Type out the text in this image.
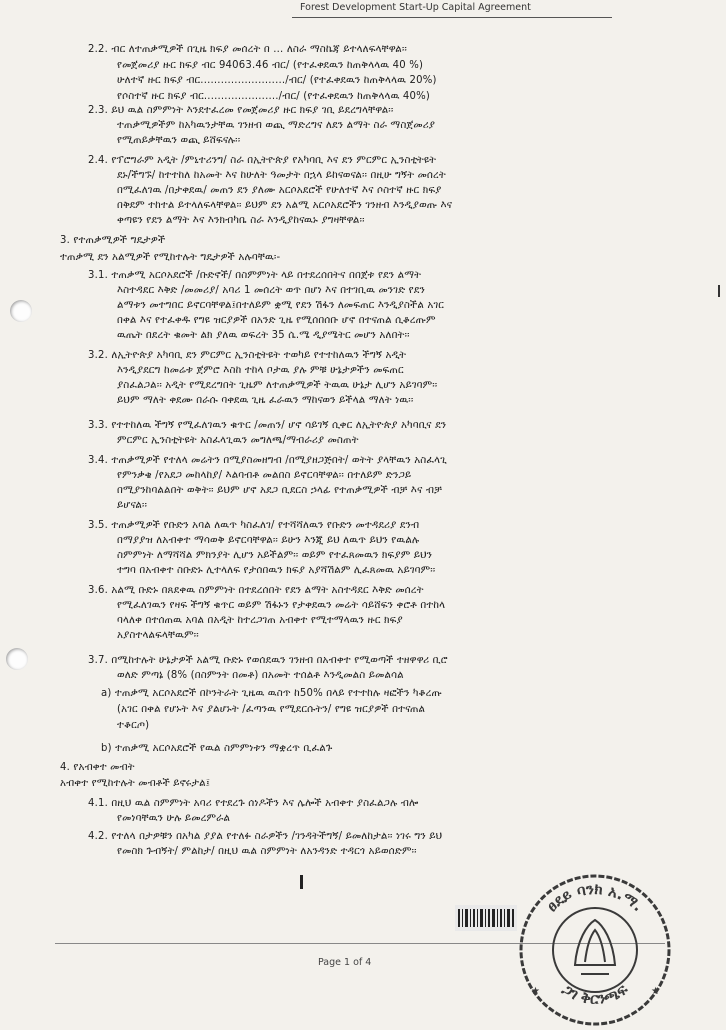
Forest Development Start-Up Capital Agreement
2.2. ብር ለተጠቃሚዎች በጊዜ ክፍያ መሰረት በ ... ለስራ ማስኬጃ ይተላለፍላቸዋል፡፡
የመጀመሪያ ዙር ክፍያ ብር 94063.46 ብር/ (የተፈቀደዉን ከጠቅላላዉ 40 %)
ሁለተኛ ዙር ክፍያ ብር........................./ብር/ (የተፈቀደዉን ከጠቅላላዉ 20%)
የሶስተኛ ዙር ክፍያ ብር....................../ብር/ (የተፈቀደዉን ከጠቅላላዉ 40%)
2.3. ይህ ዉል ስምምነት እንደተፈረመ የመጀመሪያ ዙር ክፍያ ገቢ ይደረግላቸዋል፡፡
ተጠቃሚዎችም ከአካዉንታቸዉ ገንዘብ ወጪ ማድረግና ለደን ልማት ስራ ማስጀመሪያ
የሚጠይቃቸዉን ወጪ ይሸፍናሉ፡፡
2.4. የፕሮግራም አዲት /ምኒተሪንግ/ ስራ በኢትዮጵያ የአካባቢ እና ደን ምርምር ኢንስቲትዩት
ደኑ/ችግኙ/ ከተተከለ ከአመት እና ከሁለት ዓመታት በኋላ ይከናወናል፡፡ በዚሁ ግኝት መሰረት
በሚፈለገዉ /በታቀደዉ/ መጠን ደን ያለሙ አርሶአደሮች የሁለተኛ እና ሶስተኛ ዙር ክፍያ
በቅደም ተከተል ይተላለፍላቸዋል፡፡ ይህም ደን አልሚ አርሶአደሮችን ገንዘብ እንዲያወጡ እና
ቀጣዩን የደን ልማት እና እንክብካቤ ስራ እንዲያከናዉኑ ያግዛቸዋል፡፡
3. የተጠቃሚዎች ግዴታዎች
ተጠቃሚ ደን አልሚዎች የሚከተሉት ግዴታዎች አሉባቸዉ፡-
3.1. ተጠቃሚ አርሶአደሮች /ቡድኖች/ በስምምነት ላይ በተደረሰበትና በበጀቱ የደን ልማት
እስተዳደር እቅድ /መመሪያ/ አባሪ 1 መሰረት ወጥ በሆነ እና በተገቢዉ መንገድ የደን
ልማቱን መተግበር ይኖርባቸዋል፤በተለይም ቋሚ የደን ሽፋን ለመፍጠር እንዲያስችል አገር
በቀል እና የተፈቀዱ የግዩ ዝርያዎች በአንድ ጊዜ የሚሰበሰቡ ሆኖ በተናጠል ሲቆረጡም
ዉጤት በደረት ቁመት ልክ ያለዉ ወፍረት 35 ሴ.ሜ ዲያሜትር መሆን አለበት፡፡
3.2. ለኢትዮጵያ አካባቢ ደን ምርምር ኢንስቲትዩት ተወካይ የተተከለዉን ችግኝ አዲት
እንዲያደርግ ከመሬቱ ጀምሮ እስከ ተከላ ቦታዉ ያሉ ምቹ ሁኔታዎችን መፍጠር
ያስፈልጋል፡፡ አዲት የሚደረግበት ጊዜም ለተጠቃሚዎች ትዉዉ ሁኔታ ሊሆን አይገባም፡፡
ይህም ማለት ቀደሙ በራሱ ባቀደዉ ጊዜ ፈራዉን ማከናወን ይችላል ማለት ነዉ፡፡
3.3. የተተከለዉ ችግኝ የሚፈለገዉን ቁጥር /መጠን/ ሆኖ ሳይገኝ ሲቀር ለኢትዮጵያ አካባቢና ደን
ምርምር ኢንስቲትዩት አስፈላጊዉን መግለጫ/ማብራሪያ መስጠት
3.4. ተጠቃሚዎች የተለላ መሬትን በሚያስመዘግብ /በሚያዘጋጅበት/ ወትት ያላቸዉን አስፈላጊ
የምንቃቄ /የአደጋ መከላከያ/ እልባብቶ መልበስ ይኖርባቸዋል፡፡ በተለይም ድንጋይ
በሚያንከባልልበት ወቅት፡፡ ይህም ሆኖ አደጋ ቢደርስ ኃላፊ የተጠቃሚዎች ብቻ እና ብቻ
ይሆናል፡፡
3.5. ተጠቃሚዎች የቡድን አባል ለዉጥ ካስፈለገ/ የተሻሻለዉን የቡድን መተዳደሪያ ደንብ
በማያያዝ ለአብቀተ ማሳወቅ ይኖርባቸዋል፡፡ ይሁን እንጂ ይህ ለዉጥ ይህን የዉልሉ
ስምምነት ለማሻሻል ምክንያት ሊሆን አይችልም፡፡ ወይም የተፈጸመዉን ክፍያም ይህን
ተግባ በአብቀተ ስቡድኑ ሊተላለፍ የታሰበዉን ክፍያ አያሻሽልም ሊፈጸመዉ አይገባም፡፡
3.6. አልሚ ቡድኑ በጸደቀዉ ስምምነት በተደረሰበት የደን ልማት አስተዳደር እቅድ መሰረት
የሚፈለገዉን የዛፍ ችግኝ ቁጥር ወይም ሽፋኑን የታቀደዉን መሬት ሳይሸፍን ቀሮቶ በተከላ
ባላለቀ በተሰጠዉ አባል በአዲት ከተረጋገጠ አብቀተ የሚተማላዉን ዙር ክፍያ
አያስተላልፍላቸዉም፡፡
3.7. በሚከተሉት ሁኔታዎች አልሚ ቡድኑ የወሰደዉን ገንዘብ በአብቀተ የሚወጣች ተዘዋዋሪ ቢሮ
ወለድ ምጣኔ (8% (በስምንት በመቶ) በአመት ተሰልቶ እንዲመልስ ይመልሳል
a) ተጠቃሚ አርሶአደሮች በኮንትራት ጊዜዉ ዉስጥ ከ50% በላይ የተተከሉ ዛፎችን ካቆረጡ
(አገር በቀል የሆኑት እና ያልሆኑት /ፈጣንዉ የሚደርሱትን/ የግዩ ዝርያዎች በተናጠል
ተቆርጦ)
b) ተጠቃሚ አርሶአደሮች የዉል ስምምነቱን ማቋረጥ ቢፈልጉ
4. የአብቀተ መብት
አብቀተ የሚከተሉት መብቶች ይኖሩታል፤
4.1. በዚህ ዉል ስምምነት አባሪ የተደረጉ ሰነዶችን እና ሌሎች አብቀተ ያስፈልጋሉ ብሎ
የመነባቸዉን ሁሉ ይመረምራል
4.2. የተለላ በታዎቹን በአካል ያያል የተለፉ ስራዎችን /ገንዳትችግኝ/ ይመለከታል፡፡ ነገሩ ግን ይህ
የመስክ ጉብኝት/ ምልከታ/ በዚህ ዉል ስምምነት ለአንዳንድ ተዳርጎ አይወሰድም፡፡
Page 1 of 4
ፀደይ ባንክ አ.ማ.
ጋገ ቅርንጫፍ
★	★
